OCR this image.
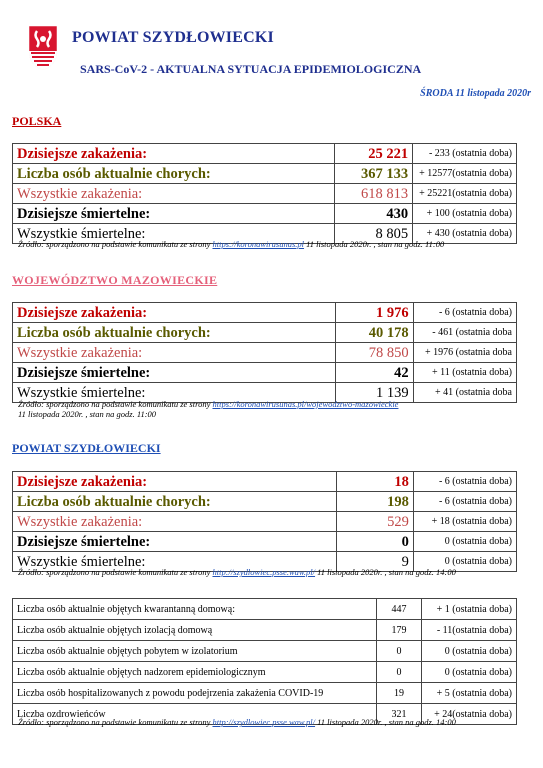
POWIAT SZYDŁOWIECKI
SARS-CoV-2 - AKTUALNA SYTUACJA EPIDEMIOLOGICZNA
ŚRODA 11 listopada 2020r
POLSKA
Dzisiejsze zakażenia:	25 221	- 233 (ostatnia doba)
Liczba osób aktualnie chorych:	367 133	+ 12577(ostatnia doba)
Wszystkie zakażenia:	618 813	+ 25221(ostatnia doba)
Dzisiejsze śmiertelne:	430	+ 100 (ostatnia doba)
Wszystkie śmiertelne:	8 805	+ 430 (ostatnia doba)
Źródło: sporządzono na podstawie komunikatu ze strony https://koronawirusunas.pl 11 listopada 2020r. , stan na godz. 11:00
WOJEWÓDZTWO MAZOWIECKIE
Dzisiejsze zakażenia:	1 976	- 6 (ostatnia doba)
Liczba osób aktualnie chorych:	40 178	- 461 (ostatnia doba
Wszystkie zakażenia:	78 850	+ 1976 (ostatnia doba
Dzisiejsze śmiertelne:	42	+ 11 (ostatnia doba)
Wszystkie śmiertelne:	1 139	+ 41 (ostatnia doba
Źródło: sporządzono na podstawie komunikatu ze strony https://koronawirusunas.pl/wojewodztwo-mazowieckie
11 listopada 2020r. , stan na godz. 11:00
POWIAT SZYDŁOWIECKI
Dzisiejsze zakażenia:	18	- 6 (ostatnia doba)
Liczba osób aktualnie chorych:	198	- 6 (ostatnia doba)
Wszystkie zakażenia:	529	+ 18 (ostatnia doba)
Dzisiejsze śmiertelne:	0	0 (ostatnia doba)
Wszystkie śmiertelne:	9	0 (ostatnia doba)
Źródło: sporządzono na podstawie komunikatu ze strony http://szydlowiec.psse.waw.pl/ 11 listopada 2020r. , stan na godz. 14:00
Liczba osób aktualnie objętych kwarantanną domową:	447	+ 1 (ostatnia doba)
Liczba osób aktualnie objętych izolacją domową	179	- 11(ostatnia doba)
Liczba osób aktualnie objętych pobytem w izolatorium	0	0 (ostatnia doba)
Liczba osób aktualnie objętych nadzorem epidemiologicznym	0	0 (ostatnia doba)
Liczba osób hospitalizowanych z powodu podejrzenia zakażenia COVID-19	19	+ 5 (ostatnia doba)
Liczba ozdrowieńców	321	+ 24(ostatnia doba)
Źródło: sporządzono na podstawie komunikatu ze strony http://szydlowiec.psse.waw.pl/ 11 listopada 2020r. , stan na godz. 14:00
